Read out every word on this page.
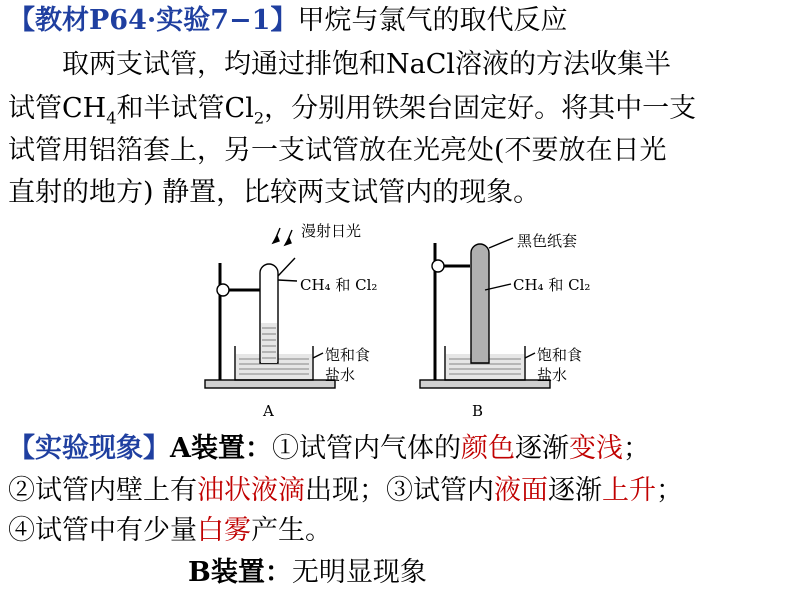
【教材P64·实验7−1】甲烷与氯气的取代反应
取两支试管，均通过排饱和NaCl溶液的方法收集半
试管$CH_4$和半试管$Cl_2$，分别用铁架台固定好。将其中一支
试管用铝箔套上，另一支试管放在光亮处(不要放在日光
直射的地方) 静置，比较两支试管内的现象。
漫射日光
CH₄ 和 Cl₂
饱和食
盐水
A
黑色纸套
CH₄ 和 Cl₂
饱和食
盐水
B
【实验现象】A装置：①试管内气体的颜色逐渐变浅；
②试管内壁上有油状液滴出现；③试管内液面逐渐上升；
④试管中有少量白雾产生。
B装置：无明显现象
